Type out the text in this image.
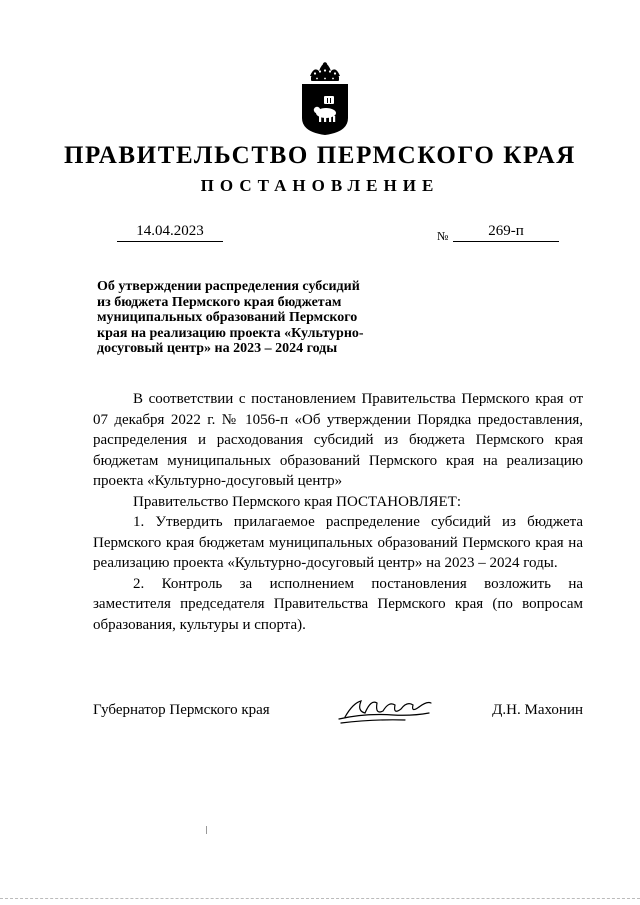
ПРАВИТЕЛЬСТВО ПЕРМСКОГО КРАЯ
ПОСТАНОВЛЕНИЕ
14.04.2023	№	269-п
Об утверждении распределения субсидий
из бюджета Пермского края бюджетам
муниципальных образований Пермского
края на реализацию проекта «Культурно-
досуговый центр» на 2023 – 2024 годы

В соответствии с постановлением Правительства Пермского края от 07 декабря 2022 г. № 1056-п «Об утверждении Порядка предоставления, распределения и расходования субсидий из бюджета Пермского края бюджетам муниципальных образований Пермского края на реализацию проекта «Культурно-досуговый центр»

Правительство Пермского края ПОСТАНОВЛЯЕТ:

1. Утвердить прилагаемое распределение субсидий из бюджета Пермского края бюджетам муниципальных образований Пермского края на реализацию проекта «Культурно-досуговый центр» на 2023 – 2024 годы.

2. Контроль за исполнением постановления возложить на заместителя председателя Правительства Пермского края (по вопросам образования, культуры и спорта).

Губернатор Пермского края	Д.Н. Махонин
